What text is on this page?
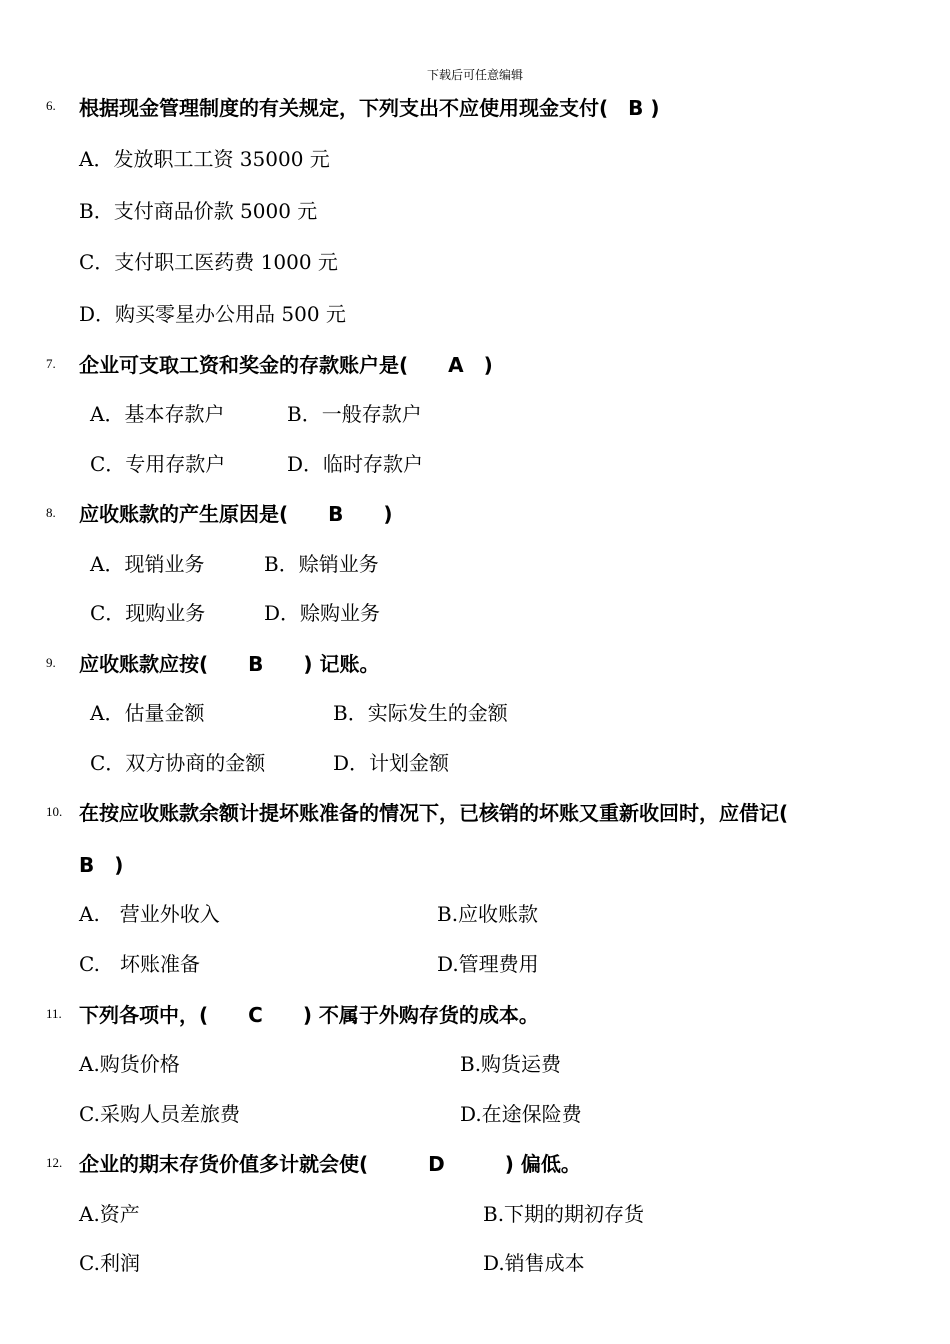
下载后可任意编辑
6. 根据现金管理制度的有关规定，下列支出不应使用现金支付(　B )
A．发放职工工资 35000 元
B．支付商品价款 5000 元
C．支付职工医药费 1000 元
D．购买零星办公用品 500 元
7. 企业可支取工资和奖金的存款账户是(　　A　)
A．基本存款户	B．一般存款户
C．专用存款户	D．临时存款户
8. 应收账款的产生原因是(　　B　　)
A．现销业务	B．赊销业务
C．现购业务	D．赊购业务
9. 应收账款应按(　　B　　) 记账。
A．估量金额	B．实际发生的金额
C．双方协商的金额	D．计划金额
10. 在按应收账款余额计提坏账准备的情况下，已核销的坏账又重新收回时，应借记(
B　)
A.　营业外收入	B.应收账款
C.　坏账准备	D.管理费用
11. 下列各项中，(　　C　　) 不属于外购存货的成本。
A.购货价格	B.购货运费
C.采购人员差旅费	D.在途保险费
12. 企业的期末存货价值多计就会使(　　　D　　　) 偏低。
A.资产	B.下期的期初存货
C.利润	D.销售成本
